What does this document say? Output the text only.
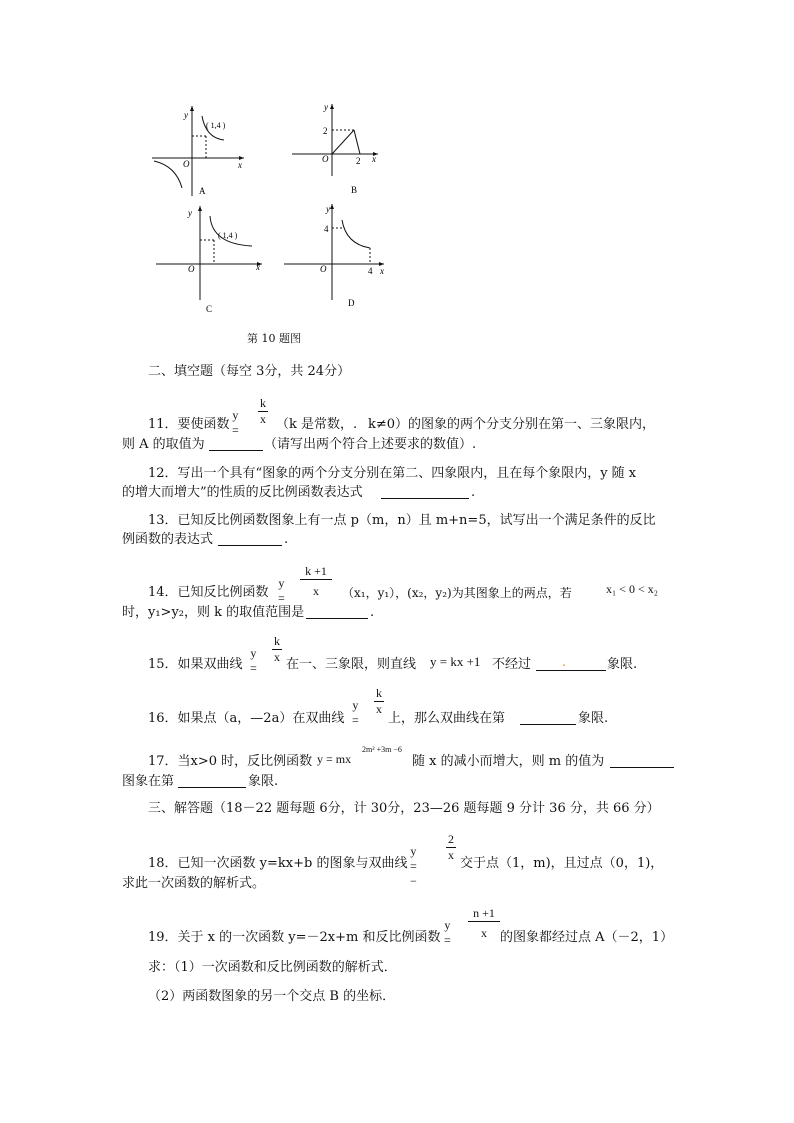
y
x
O
( 1,4 )
A
y
x
O
2
2
B
y
x
O
( 1,4 )
C
y
x
O
4
4
D
第 10 题图
二、填空题（每空 3分，共 24分）
y =
k
x
11．要使函数	（k 是常数， . k≠0）的图象的两个分支分别在第一、三象限内，
则 A 的取值为	（请写出两个符合上述要求的数值）.
12．写出一个具有“图象的两个分支分别在第二、四象限内，且在每个象限内，y 随 x
的增大而增大”的性质的反比例函数表达式	.
13．已知反比例函数图象上有一点 p（m，n）且 m+n=5，试写出一个满足条件的反比
例函数的表达式	.
y =
k +1
x
14．已知反比例函数	（x₁，y₁），(x₂，y₂)为其图象上的两点，若	x₁ < 0 < x₂
时，y₁>y₂，则 k 的取值范围是	.
y =
k
x
15．如果双曲线	在一、三象限，则直线 y = kx +1 不经过 .	象限.
y =
k
x
16．如果点（a，—2a）在双曲线	上，那么双曲线在第	象限.
17．当x>0 时，反比例函数 y = mx
2m² +3m −6
随 x 的减小而增大，则 m 的值为
图象在第	象限.
三、解答题（18－22 题每题 6分，计 30分，23—26 题每题 9 分计 36 分，共 66 分）
y = −
2
x
18．已知一次函数 y=kx+b 的图象与双曲线	交于点（1，m)，且过点（0，1)，
求此一次函数的解析式。
y =
n +1
x
19．关于 x 的一次函数 y=－2x+m 和反比例函数	的图象都经过点 A（－2，1）
求：（1）一次函数和反比例函数的解析式．
（2）两函数图象的另一个交点 B 的坐标．
